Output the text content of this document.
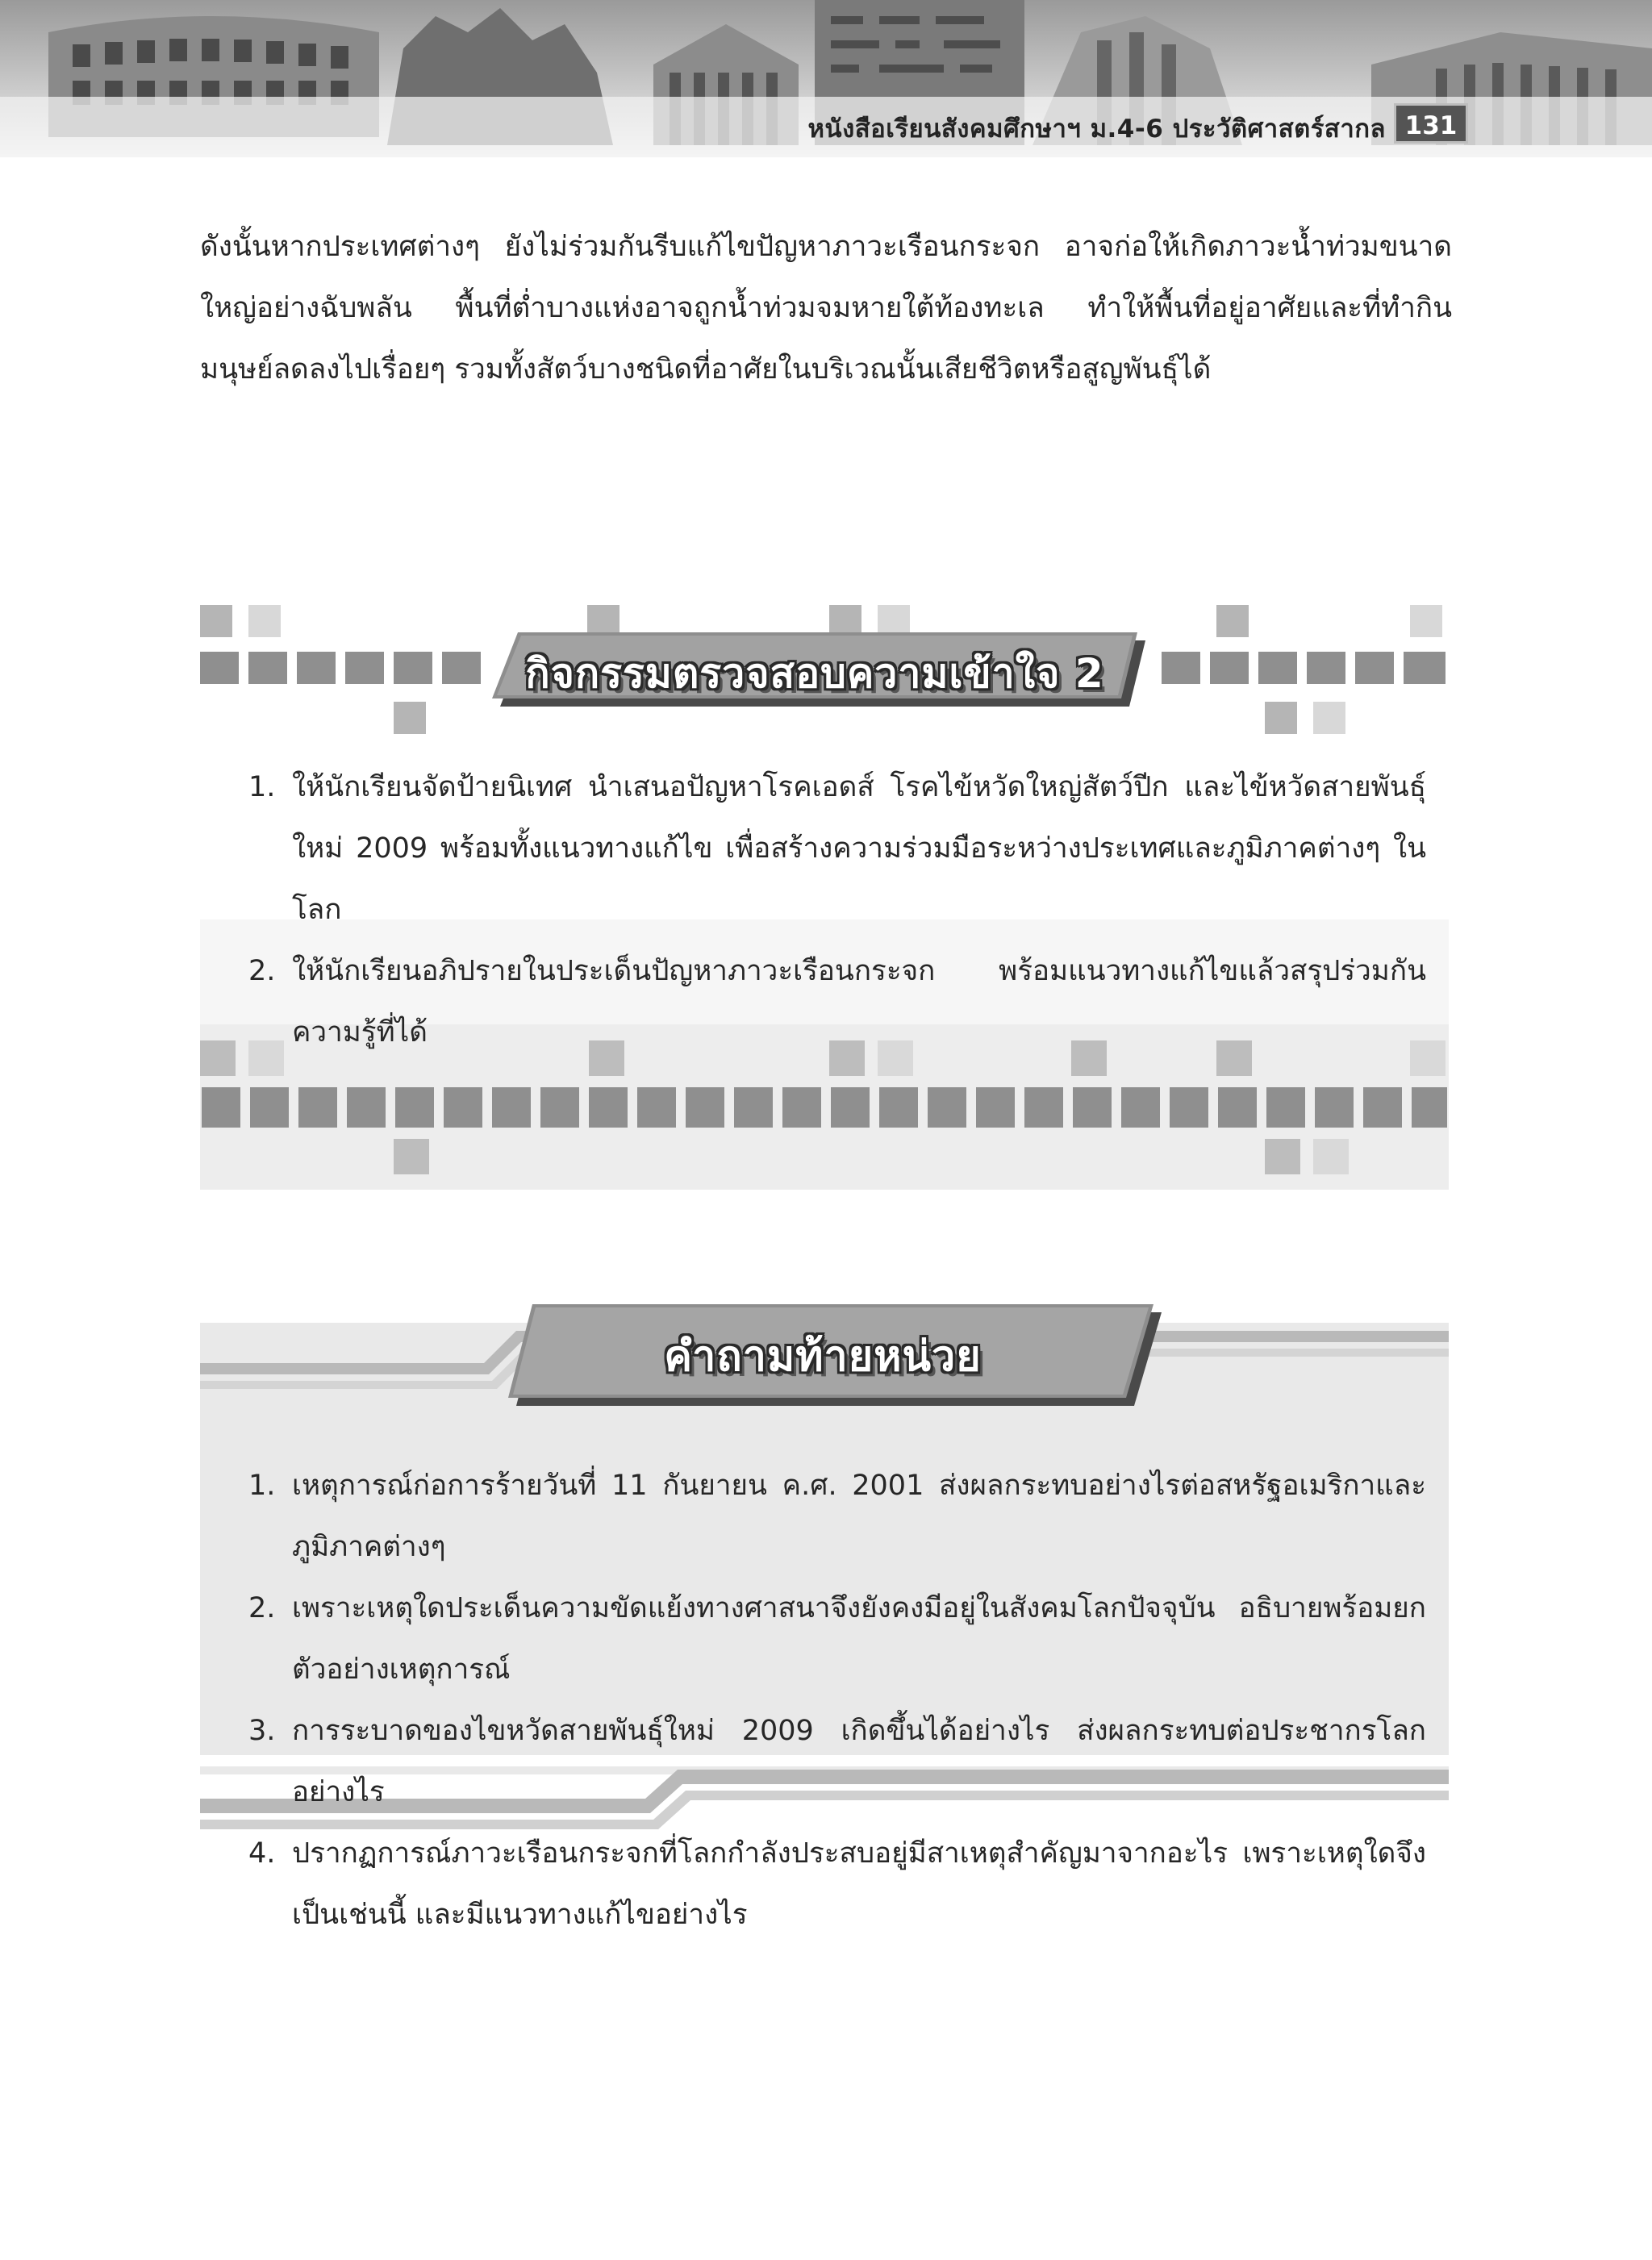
หนังสือเรียนสังคมศึกษาฯ ม.4-6 ประวัติศาสตร์สากล 131

ดังนั้นหากประเทศต่างๆ ยังไม่ร่วมกันรีบแก้ไขปัญหาภาวะเรือนกระจก อาจก่อให้เกิดภาวะน้ำท่วมขนาดใหญ่อย่างฉับพลัน พื้นที่ต่ำบางแห่งอาจถูกน้ำท่วมจมหายใต้ท้องทะเล ทำให้พื้นที่อยู่อาศัยและที่ทำกินมนุษย์ลดลงไปเรื่อยๆ รวมทั้งสัตว์บางชนิดที่อาศัยในบริเวณนั้นเสียชีวิตหรือสูญพันธุ์ได้

กิจกรรมตรวจสอบความเข้าใจ 2
1. ให้นักเรียนจัดป้ายนิเทศ นำเสนอปัญหาโรคเอดส์ โรคไข้หวัดใหญ่สัตว์ปีก และไข้หวัดสายพันธุ์ใหม่ 2009 พร้อมทั้งแนวทางแก้ไข เพื่อสร้างความร่วมมือระหว่างประเทศและภูมิภาคต่างๆ ในโลก
2. ให้นักเรียนอภิปรายในประเด็นปัญหาภาวะเรือนกระจก พร้อมแนวทางแก้ไขแล้วสรุปร่วมกันความรู้ที่ได้
คำถามท้ายหน่วย
1. เหตุการณ์ก่อการร้ายวันที่ 11 กันยายน ค.ศ. 2001 ส่งผลกระทบอย่างไรต่อสหรัฐอเมริกาและภูมิภาคต่างๆ
2. เพราะเหตุใดประเด็นความขัดแย้งทางศาสนาจึงยังคงมีอยู่ในสังคมโลกปัจจุบัน อธิบายพร้อมยกตัวอย่างเหตุการณ์
3. การระบาดของไขหวัดสายพันธุ์ใหม่ 2009 เกิดขึ้นได้อย่างไร ส่งผลกระทบต่อประชากรโลกอย่างไร
4. ปรากฏการณ์ภาวะเรือนกระจกที่โลกกำลังประสบอยู่มีสาเหตุสำคัญมาจากอะไร เพราะเหตุใดจึงเป็นเช่นนี้ และมีแนวทางแก้ไขอย่างไร
